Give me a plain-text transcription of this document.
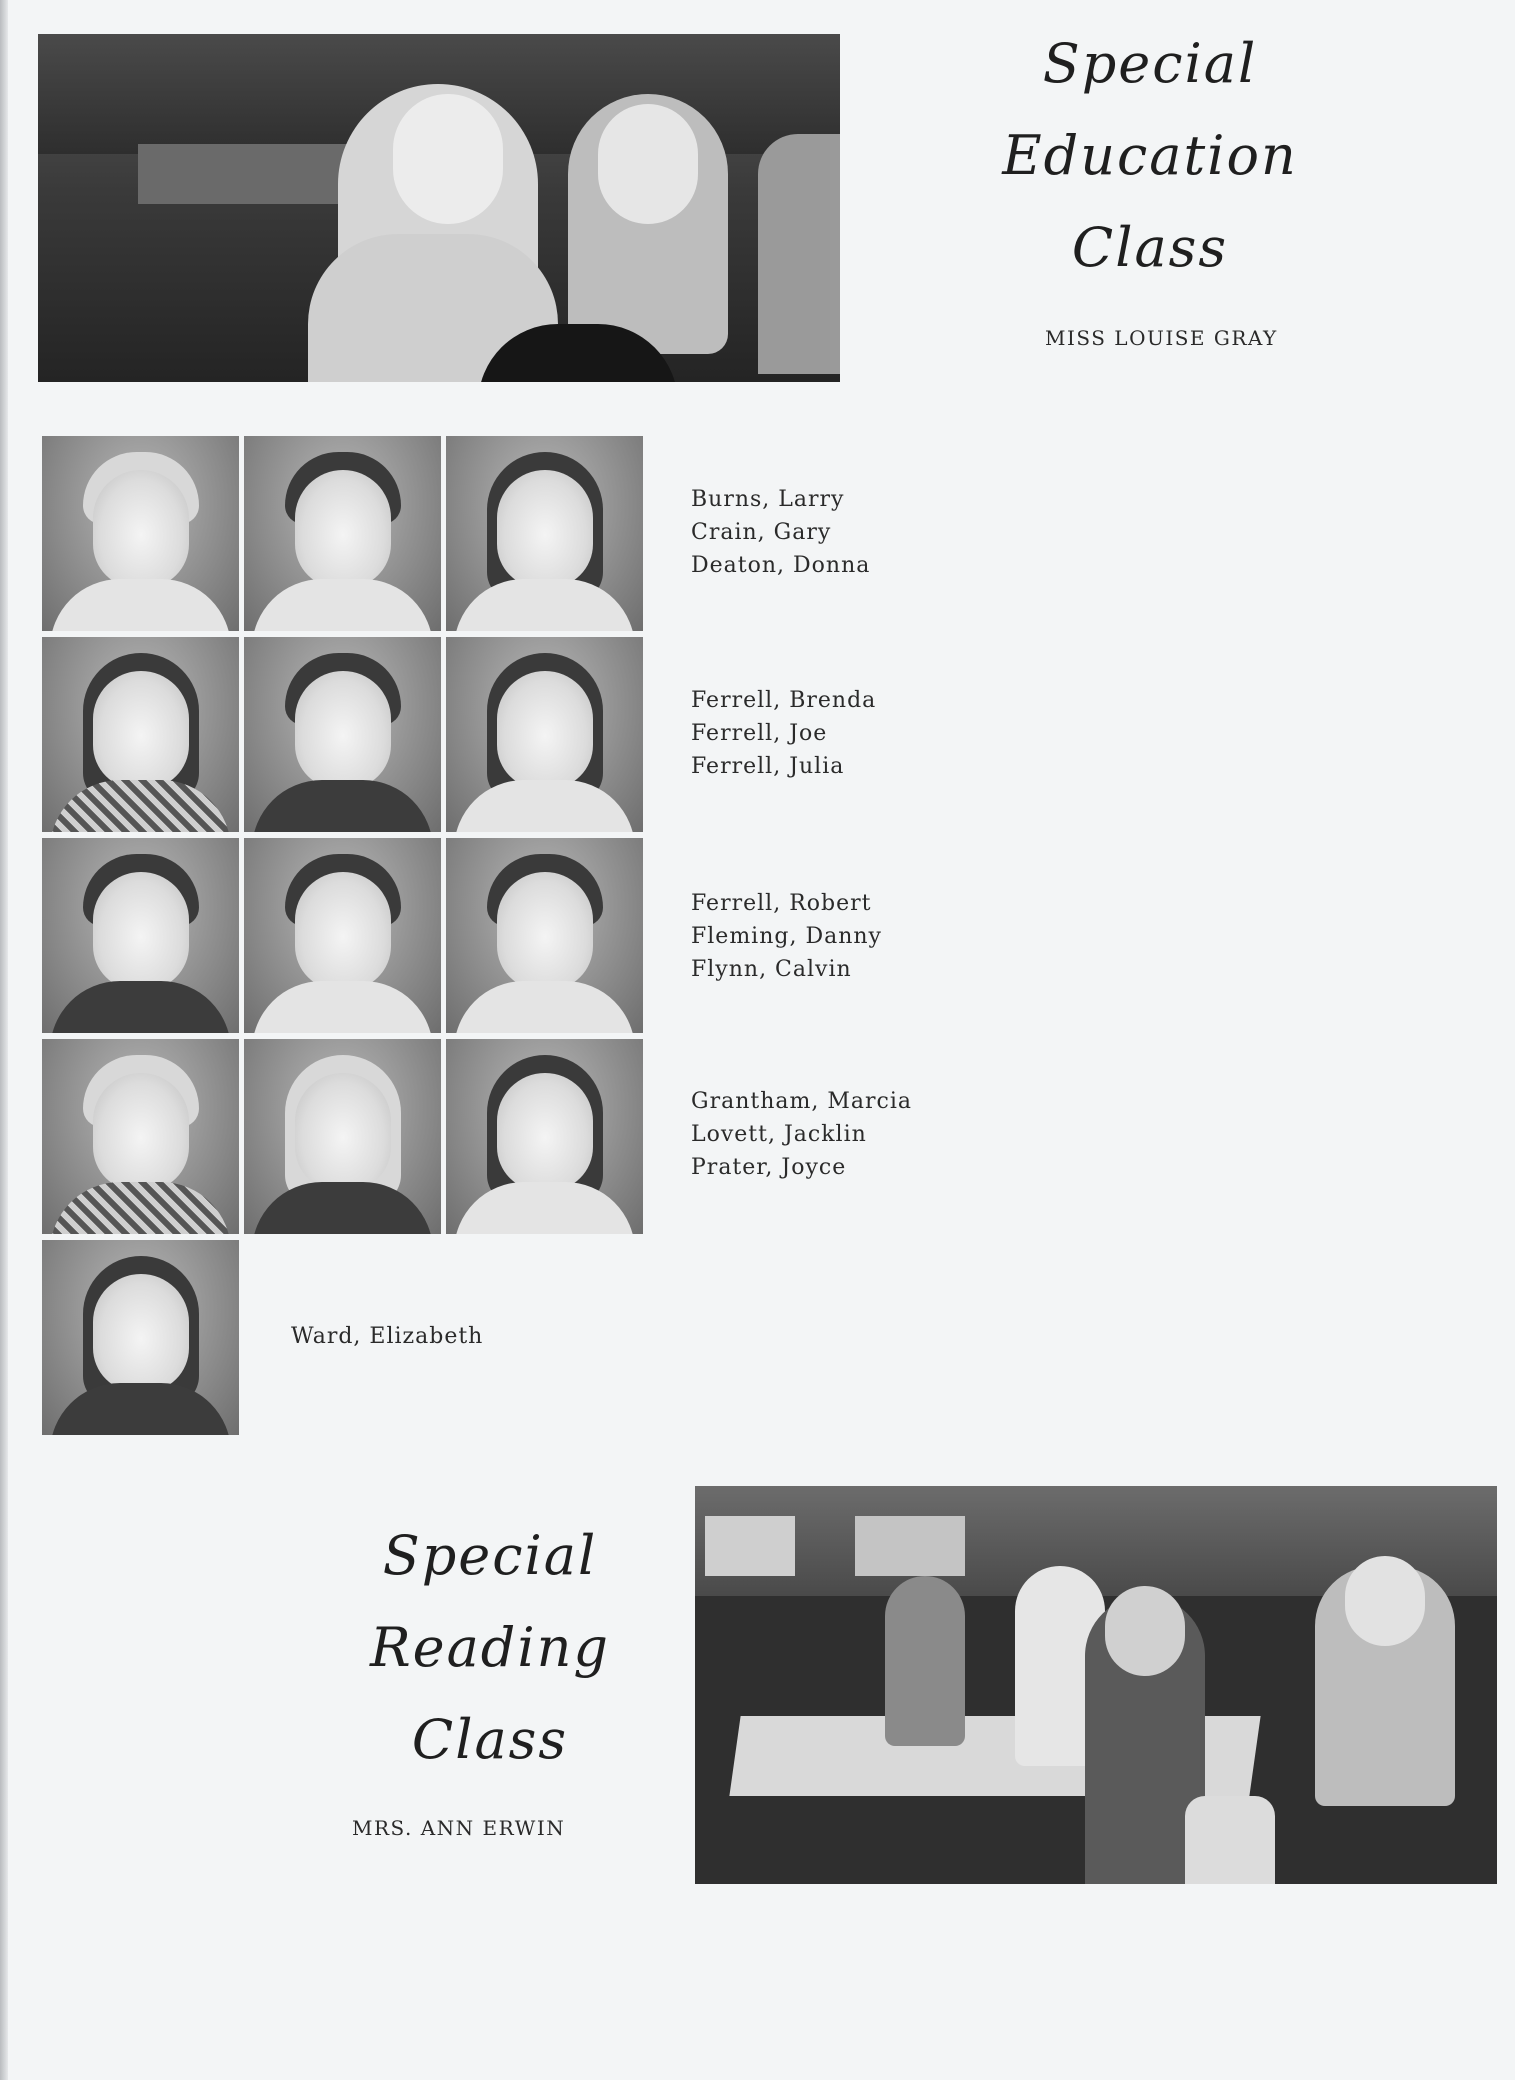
Special
Education
Class
MISS LOUISE GRAY
Burns, Larry
Crain, Gary
Deaton, Donna
Ferrell, Brenda
Ferrell, Joe
Ferrell, Julia
Ferrell, Robert
Fleming, Danny
Flynn, Calvin
Grantham, Marcia
Lovett, Jacklin
Prater, Joyce
Ward, Elizabeth
Special
Reading
Class
MRS. ANN ERWIN
